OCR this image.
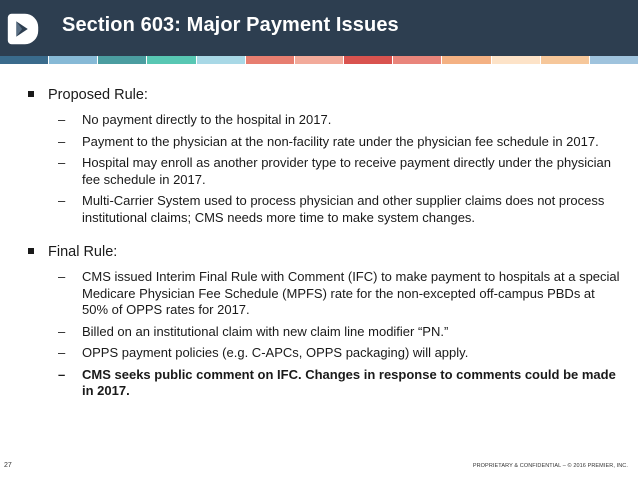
Section 603: Major Payment Issues
Proposed Rule:
– No payment directly to the hospital in 2017.
– Payment to the physician at the non-facility rate under the physician fee schedule in 2017.
– Hospital may enroll as another provider type to receive payment directly under the physician fee schedule in 2017.
– Multi-Carrier System used to process physician and other supplier claims does not process institutional claims; CMS needs more time to make system changes.
Final Rule:
– CMS issued Interim Final Rule with Comment (IFC) to make payment to hospitals at a special Medicare Physician Fee Schedule (MPFS) rate for the non-excepted off-campus PBDs at 50% of OPPS rates for 2017.
– Billed on an institutional claim with new claim line modifier “PN.”
– OPPS payment policies (e.g. C-APCs, OPPS packaging) will apply.
– CMS seeks public comment on IFC. Changes in response to comments could be made in 2017.
27	PROPRIETARY & CONFIDENTIAL – © 2016 PREMIER, INC.
